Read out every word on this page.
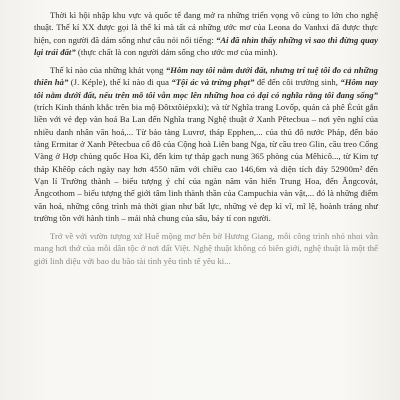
Thời kì hội nhập khu vực và quốc tế đang mở ra những triển vọng vô cùng to lớn cho nghệ thuật. Thế kỉ XX được gọi là thế kỉ mà tất cả những ước mơ của Leona do Vanhxi đã được thực hiện, con người đã dám sống như câu nói nổi tiếng: “Ai đã nhìn thấy những vì sao thì đừng quay lại trái đất” (thực chất là con người dám sống cho ước mơ của mình).

Thế kỉ nào của những khát vọng “Hôm nay tôi nằm dưới đất, nhưng trí tuệ tôi đo cả những thiên hà” (J. Képle), thế kỉ nào đi qua “Tội ác và trừng phạt” để đến côi trường sinh, “Hôm nay tôi nằm dưới đất, nếu trên mồ tôi vẫn mọc lên những hoa cỏ dại có nghĩa rằng tôi đang sống” (trích Kinh thánh khắc trên bia mộ Đôtxtôiépxki); và từ Nghĩa trang Lovốp, quán cà phê Écút gắn liền với vẻ đẹp vàn hoá Ba Lan đến Nghĩa trang Nghệ thuật ở Xanh Pêtecbua – nơi yên nghỉ của nhiều danh nhân văn hoá,... Từ bảo tàng Luvrơ, tháp Epphen,... của thủ đô nước Pháp, đến bảo tàng Ermitar ở Xanh Pêtecbua cổ đô của Cộng hoà Liên bang Nga, từ cầu treo Glin, cầu treo Cổng Vàng ở Hợp chủng quốc Hoa Kì, đến kim tự tháp gạch nung 365 phòng của Mêhicô..., từ Kim tự tháp Khêôp cách ngày nay hơn 4550 năm với chiều cao 146,6m và diện tích đáy 52900m² đến Vạn lí Trường thành – biểu tượng ý chí của ngàn năm văn hiến Trung Hoa, đến Ăngcovát, Ăngcothom – biểu tượng thế giới tâm linh thành thần của Campuchia vàn vật,... đó là những điểm văn hoá, những công trình mà thời gian như bất lực, những vẻ đẹp kì vĩ, mĩ lệ, hoành tráng như trường tồn với hành tinh – mái nhà chung của sâu, bảy tỉ con người.

Trở về với vườn tượng xứ Huế mộng mơ bên bờ Hương Giang, mỗi công trình nhỏ nhoi vẫn mang hơi thở của mỗi dân tộc ở nơi đất Việt. Nghệ thuật không có biên giới, nghệ thuật là một thế giới linh diệu với bao du bão tài tình yêu tình tế yêu ki...
